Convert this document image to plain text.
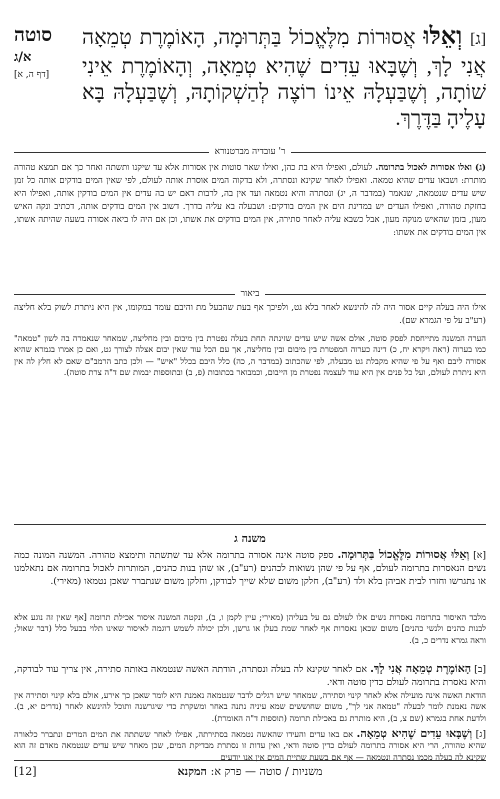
סוטה
א/ג
[דף ה, א]
[ג] וְאֵלּוּ אֲסוּרוֹת מִלֶּאֱכוֹל בַּתְּרוּמָה, הָאוֹמֶרֶת טְמֵאָה אֲנִי לָךְ, וְשֶׁבָּאוּ עֵדִים שֶׁהִיא טְמֵאָה, וְהָאוֹמֶרֶת אֵינִי שׁוֹתָה, וְשֶׁבַּעְלָהּ אֵינוֹ רוֹצֶה לְהַשְׁקוֹתָהּ, וְשֶׁבַּעְלָהּ בָּא עָלֶיהָ בַּדֶּרֶךְ.
ר' עובדיה מברטנורא
(ג) ואלו אסורות לאכול בתרומה. לעולם, ואפילו היא בת כהן, ואילו שאר סוטות אין אסורות אלא עד שיקנו ותשתה ואחר כך אם תמצא טהורה מותרת: ושבאו עדים שהיא טמאה. ואפילו לאחר שקינא ונסתרה, ולא בדקוה המים אוסרת אותה לעולם, לפי שאין המים בודקים אותה כל זמן שיש עדים שנטמאה, שנאמר (במדבר ה, יג) ונסתרה והיא נטמאה ועד אין בה, לרבות דאם יש בה עדים אין המים בודקין אותה, ואפילו היא בחזקת טהורה, ואפילו העדים יש במדינת הים אין המים בודקים: ושבעלה בא עליה בדרך. דשוב אין המים בודקים אותה, דכתיב ונקה האיש מעון, בזמן שהאיש מנוקה מעון, אבל כשבא עליה לאחר סתירה, אין המים בודקים את אשתו, וכן אם היה לו ביאה אסורה בשעה שהיתה אשתו, אין המים בודקים את אשתו:
ביאור
אילו היה בעלה קיים אסור היה לה להינשא לאחר בלא גט, ולפיכך אף בעת שהבעל מת והיבם עומד במקומו, אין היא ניתרת לשוק בלא חליצה (רע"ב על פי הגמרא שם).
הערה המשנה מתייחסת לפסק סוטה, אולם אשה שיש עדים שזינתה תחת בעלה נפטרת בין מיבום ובין מחליצה, שמאחר שנאמרה בה לשון "טמאה" כמו בערוה (ראה ויקרא יח, כ) דינה כערוה המפטרת בין מיבום ובין מחליצה, אך עם הכל עוד שאין יבום אצלה לצורך גט, ואם כן אמרו בגמרא שהיא אסורה ליבם ואף על פי שהיא מקבלת גט מבעלה, לפי שהכתוב (במדבר ה, כה) כלל היבם בכלל "איש" — ולכן כתב הרמב"ם שאם לא חלץ לה אין היא ניתרת לעולם, ועל כל פנים אין היא עוד לעצמה נפטרת מן הייבום, וכמבואר בכתובות (פ, ב) ובתוספות יבמות שם ד"ה צרת סוטה).
משנה ג
[א] וְאֵלּוּ אֲסוּרוֹת מִלֶּאֱכוֹל בַּתְּרוּמָה. ספק סוטה אינה אסורה בתרומה אלא עד שתשתה ותימצא טהורה. המשנה המונה כמה נשים הנאסרות בתרומה לעולם, אף על פי שהן נשואות לכהנים (רע"ב), או שהן בנות כהנים, המותרות לאכול בתרומה אם נתאלמנו או נתגרשו וחזרו לבית אביהן בלא ולד (רע"ב), חלקן משום שלא שייך לבודקן, וחלקן משום שנתברר שאכן נטמאו (מאירי).
מלבד האיסור בתרומה נאסרות נשים אלו לעולם גם על בעליהן (מאירי; עיין לקמן ו, ב), ונקטה המשנה איסור אכילת תרומה [אף שאין זה נוגע אלא לבנות כהנים ולנשי כהנים] משום שכאן נאסרות אף לאחר שמת בעלן או גרשן, ולכן יכולה לשמש דוגמה לאיסור שאינו תלוי בבעל כלל (דבר שאול; וראה גמרא נדרים כ, ב).
[ב] הָאוֹמֶרֶת טְמֵאָה אֲנִי לָךְ. אם לאחר שקינא לה בעלה ונסתרה, הודתה האשה שנטמאה באותה סתירה, אין צריך עוד לבודקה, והיא נאסרת בתרומה לעולם כדין סוטה ודאי.
הודאת האשה אינה מועילה אלא לאחר קינוי וסתירה, שמאחר שיש רגלים לדבר שנטמאה נאמנת היא לומר שאכן כך אירע, אולם בלא קינוי וסתירה אין אשה נאמנת לומר לבעלה "טמאה אני לך", משום שחוששים שמא עיניה נתנה באחר ומשקרת כדי שיגרשנה ותוכל להינשא לאחר (נדרים יא, ב). ולדעת אחת בגמרא (שם צ, ב), היא מותרת גם באכילת תרומה (תוספות ד"ה האומרת).
[ג] וְשֶׁבָּאוּ עֵדִים שֶׁהִיא טְמֵאָה. אם באו עדים והעידו שהאשה נטמאה בסתירתה, אפילו לאחר ששתתה את המים המרים ונתברר כלאורה שהיא טהורה, הרי היא אסורה בתרומה לעולם כדין סוטה ודאי, ואין עדות זו נסתרת מבדיקת המים, שכן מאחר שיש עדים שנטמאה מאדם זה הוא שקינא לה בעלה מכמו נסתרה ונטמאה — אף אם בשעת שתיית המים אין אנו יודעים
[12]	משניות / סוטה — פרק א: המקנא
